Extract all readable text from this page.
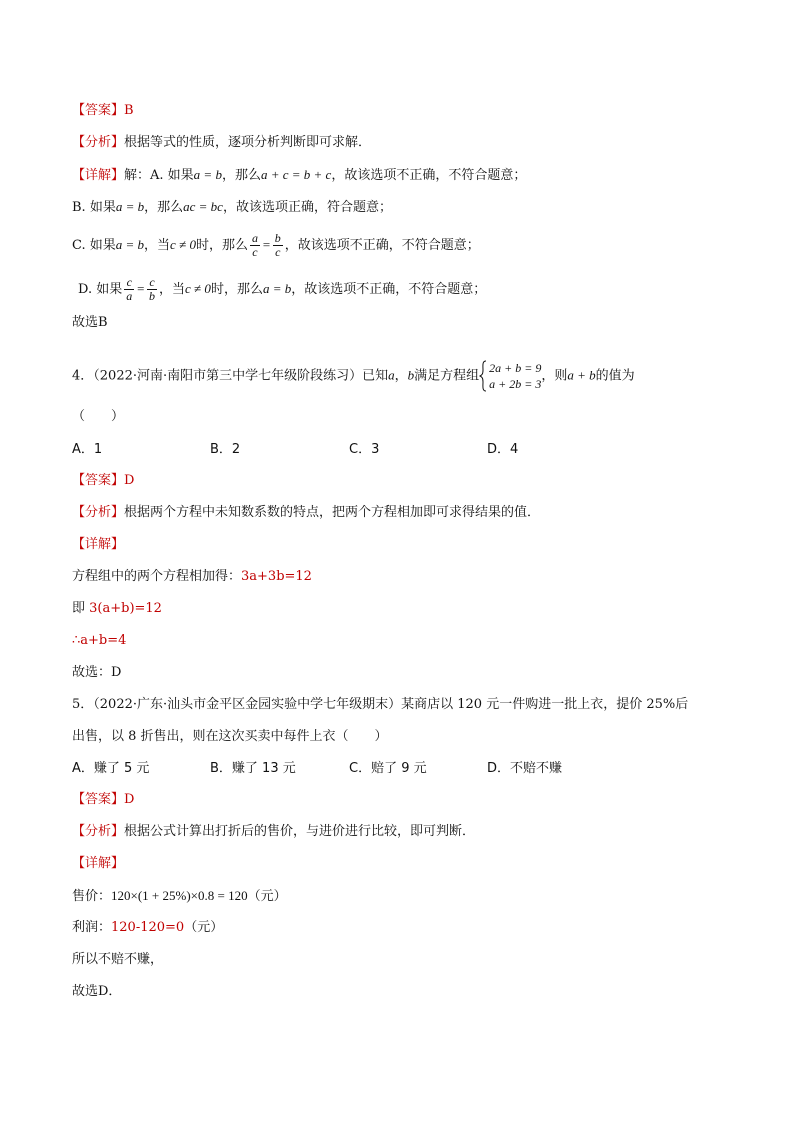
【答案】B
【分析】根据等式的性质，逐项分析判断即可求解．
【详解】解：A. 如果a = b，那么a + c = b + c，故该选项不正确，不符合题意；
B. 如果a = b，那么ac = bc，故该选项正确，符合题意；
C. 如果a = b，当c ≠ 0时，那么 $\frac{a}{c} = \frac{b}{c}$ ，故该选项不正确，不符合题意；
D. 如果 $\frac{c}{a} = \frac{c}{b}$ ，当c ≠ 0时，那么a = b，故该选项不正确，不符合题意；
故选B
4．（2022·河南·南阳市第三中学七年级阶段练习）已知a，b满足方程组
2a + b = 9
a + 2b = 3
，则a + b的值为
（　　）
A．1	B．2	C．3	D．4
【答案】D
【分析】根据两个方程中未知数系数的特点，把两个方程相加即可求得结果的值．
【详解】
方程组中的两个方程相加得：3a+3b=12
即 3(a+b)=12
∴a+b=4
故选：D
5．（2022·广东·汕头市金平区金园实验中学七年级期末）某商店以 120 元一件购进一批上衣，提价 25%后
出售，以 8 折售出，则在这次买卖中每件上衣（　　）
A．赚了 5 元	B．赚了 13 元	C．赔了 9 元	D．不赔不赚
【答案】D
【分析】根据公式计算出打折后的售价，与进价进行比较，即可判断．
【详解】
售价：120×(1 + 25%)×0.8 = 120（元）
利润：120-120=0（元）
所以不赔不赚，
故选D．
